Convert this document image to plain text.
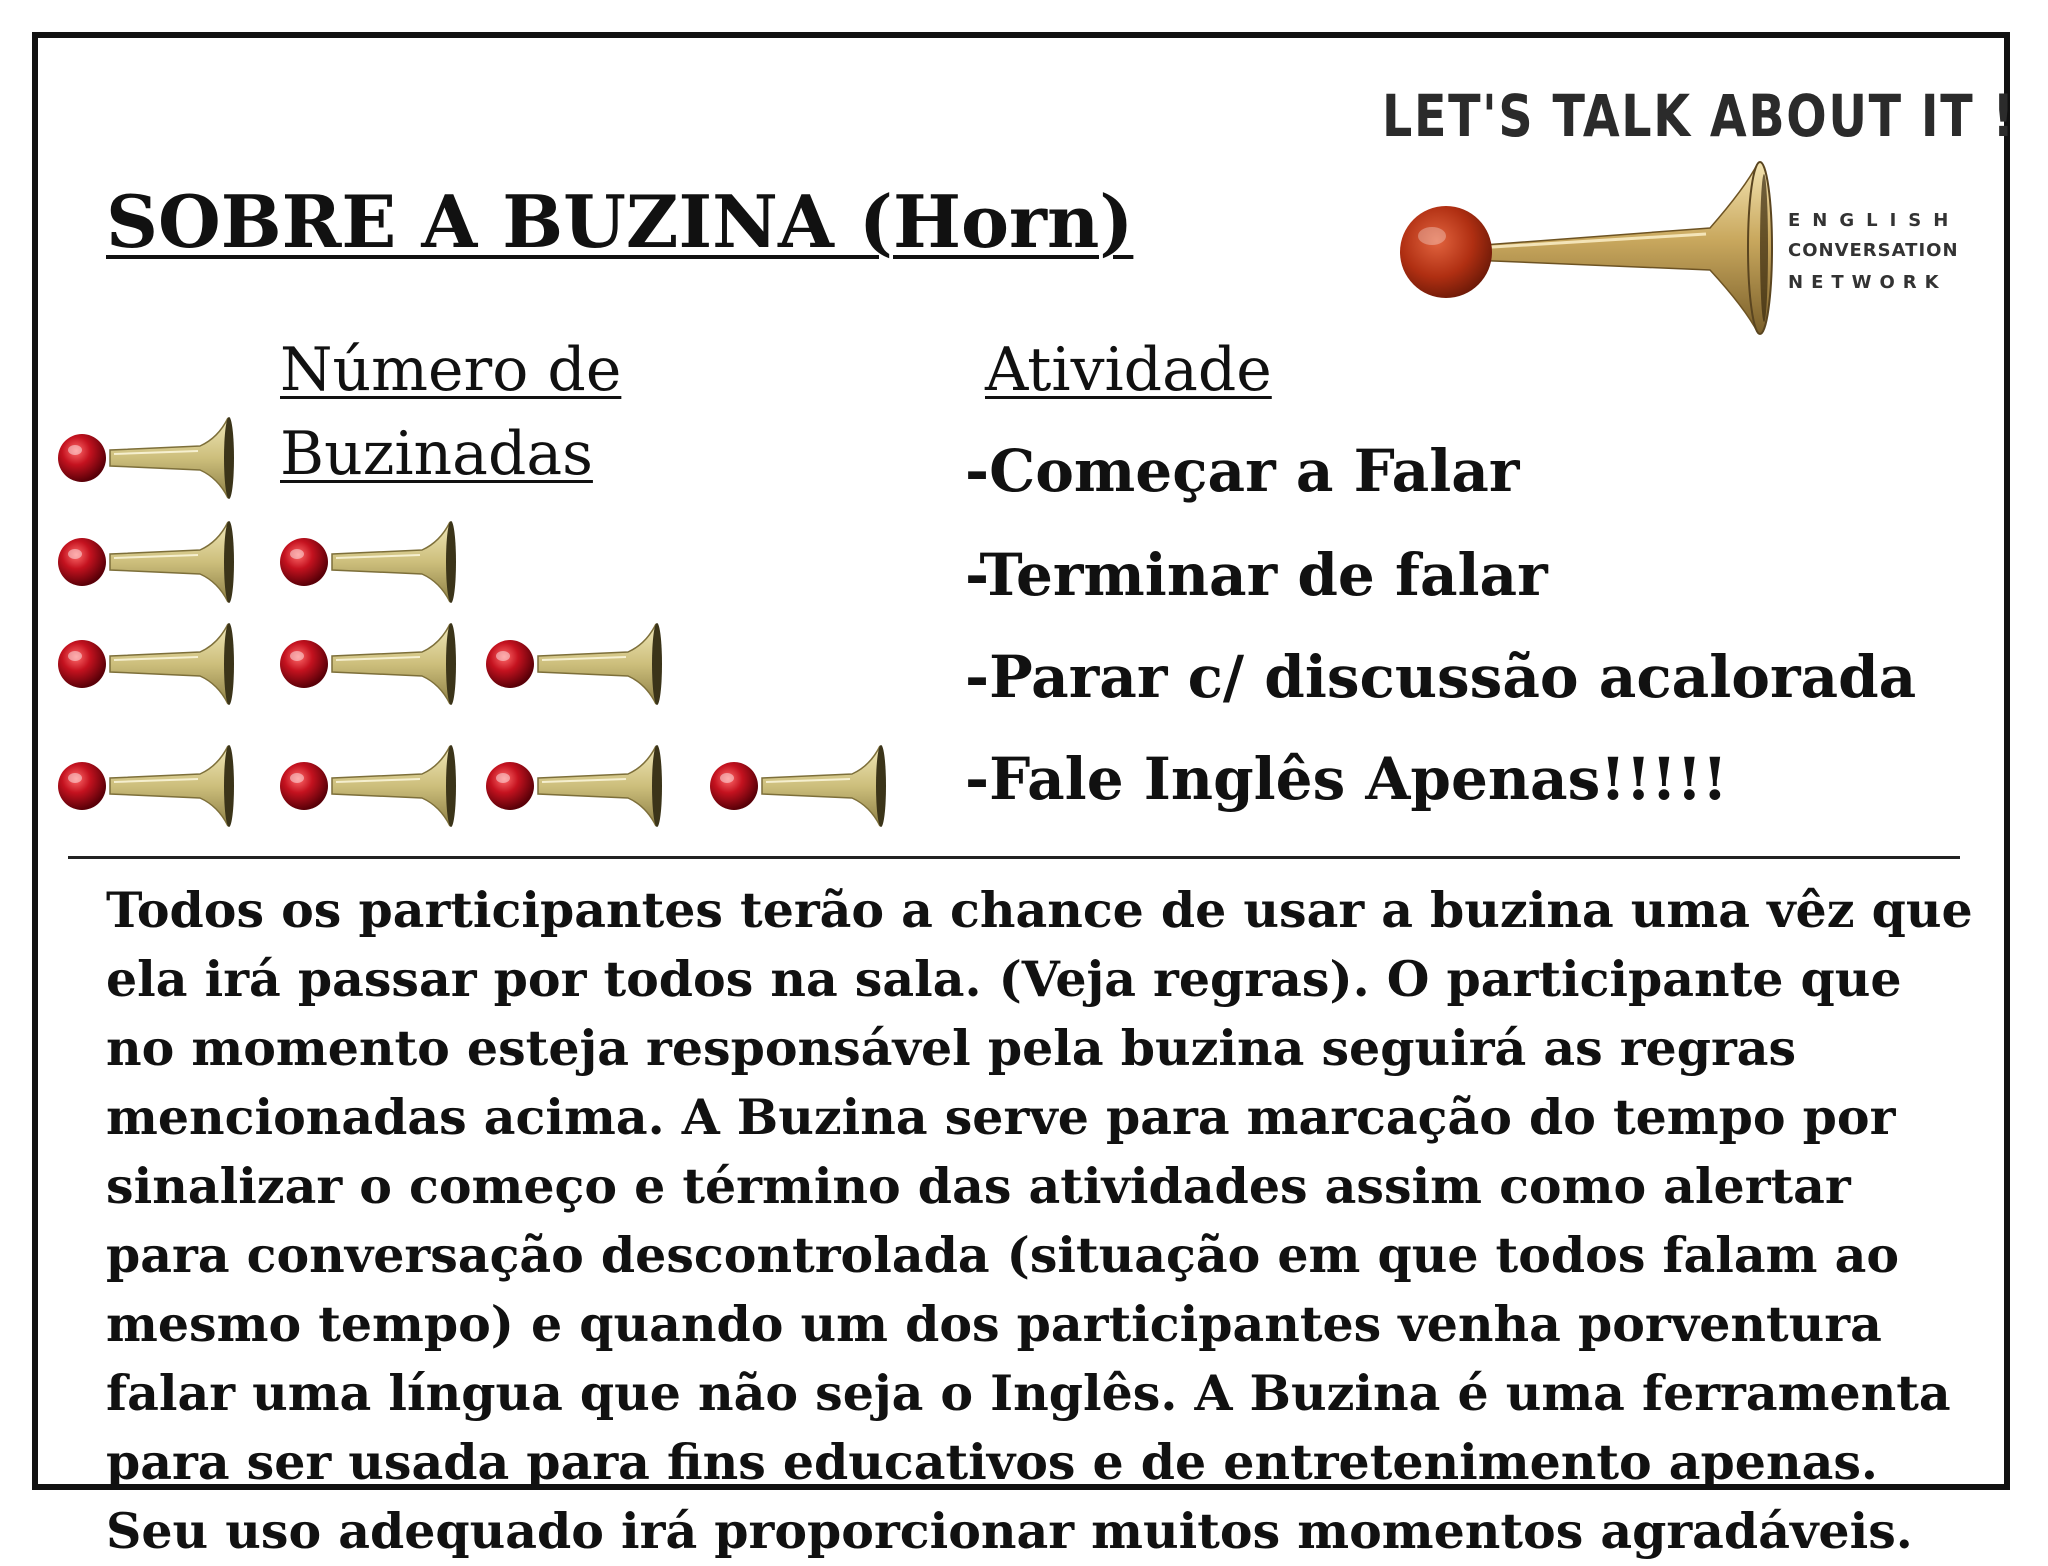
SOBRE A BUZINA (Horn)
LET'S TALK ABOUT IT !
ENGLISH
CONVERSATION
NETWORK
Número de
Buzinadas
Atividade

-Começar a Falar

-Terminar de falar

-Parar c/ discussão acalorada

-Fale Inglês Apenas!!!!!

Todos os participantes terão a chance de usar a buzina uma vêz que ela irá passar por todos na sala. (Veja regras). O participante que no momento esteja responsável pela buzina seguirá as regras mencionadas acima. A Buzina serve para marcação do tempo por sinalizar o começo e término das atividades assim como alertar para conversação descontrolada (situação em que todos falam ao mesmo tempo) e quando um dos participantes venha porventura falar uma língua que não seja o Inglês. A Buzina é uma ferramenta para ser usada para fins educativos e de entretenimento apenas. Seu uso adequado irá proporcionar muitos momentos agradáveis.
